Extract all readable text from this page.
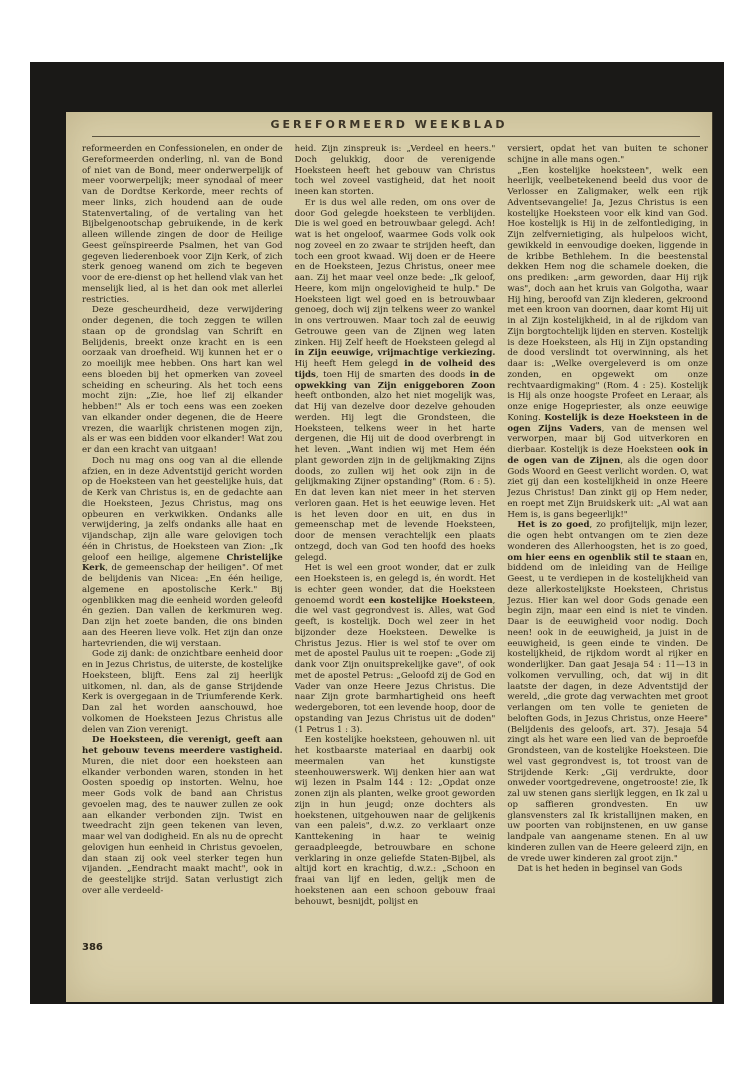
GEREFORMEERD WEEKBLAD

reformeerden en Confessionelen, en onder de Gereformeerden onderling, nl. van de Bond of niet van de Bond, meer onderwerpelijk of meer voorwerpelijk; meer synodaal of meer van de Dordtse Kerkorde, meer rechts of meer links, zich houdend aan de oude Statenvertaling, of de vertaling van het Bijbelgenootschap gebruikende, in de kerk alleen willende zingen de door de Heilige Geest geïnspireerde Psalmen, het van God gegeven liederenboek voor Zijn Kerk, of zich sterk genoeg wanend om zich te begeven voor de ere-dienst op het hellend vlak van het menselijk lied, al is het dan ook met allerlei restricties.

Deze gescheurdheid, deze verwijdering onder degenen, die toch zeggen te willen staan op de grondslag van Schrift en Belijdenis, breekt onze kracht en is een oorzaak van droefheid. Wij kunnen het er o zo moeilijk mee hebben. Ons hart kan wel eens bloeden bij het opmerken van zoveel scheiding en scheuring. Als het toch eens mocht zijn: „Zie, hoe lief zij elkander hebben!" Als er toch eens was een zoeken van elkander onder degenen, die de Heere vrezen, die waarlijk christenen mogen zijn, als er was een bidden voor elkander! Wat zou er dan een kracht van uitgaan!

Doch nu mag ons oog van al die ellende afzien, en in deze Adventstijd gericht worden op de Hoeksteen van het geestelijke huis, dat de Kerk van Christus is, en de gedachte aan die Hoeksteen, Jezus Christus, mag ons opbeuren en verkwikken. Ondanks alle verwijdering, ja zelfs ondanks alle haat en vijandschap, zijn alle ware gelovigen toch één in Christus, de Hoeksteen van Zion: „Ik geloof een heilige, algemene Christelijke Kerk, de gemeenschap der heiligen". Of met de belijdenis van Nicea: „En één heilige, algemene en apostolische Kerk." Bij ogenblikken mag die eenheid worden geleofd én gezien. Dan vallen de kerkmuren weg. Dan zijn het zoete banden, die ons binden aan des Heeren lieve volk. Het zijn dan onze hartevrienden, die wij verstaan.

Gode zij dank: de onzichtbare eenheid door en in Jezus Christus, de uiterste, de kostelijke Hoeksteen, blijft. Eens zal zij heerlijk uitkomen, nl. dan, als de ganse Strijdende Kerk is overgegaan in de Triumferende Kerk. Dan zal het worden aanschouwd, hoe volkomen de Hoeksteen Jezus Christus alle delen van Zion verenigt.

De Hoeksteen, die verenigt, geeft aan het gebouw tevens meerdere vastigheid. Muren, die niet door een hoeksteen aan elkander verbonden waren, stonden in het Oosten spoedig op instorten. Welnu, hoe meer Gods volk de band aan Christus gevoelen mag, des te nauwer zullen ze ook aan elkander verbonden zijn. Twist en tweedracht zijn geen tekenen van leven, maar wel van dodigheid. En als nu de oprecht gelovigen hun eenheid in Christus gevoelen, dan staan zij ook veel sterker tegen hun vijanden. „Eendracht maakt macht", ook in de geestelijke strijd. Satan verlustigt zich over alle verdeeld-

heid. Zijn zinspreuk is: „Verdeel en heers." Doch gelukkig, door de verenigende Hoeksteen heeft het gebouw van Christus toch wel zoveel vastigheid, dat het nooit ineen kan storten.

Er is dus wel alle reden, om ons over de door God gelegde hoeksteen te verblijden. Die is wel goed en betrouwbaar gelegd. Ach! wat is het ongeloof, waarmee Gods volk ook nog zoveel en zo zwaar te strijden heeft, dan toch een groot kwaad. Wij doen er de Heere en de Hoeksteen, Jezus Christus, oneer mee aan. Zij het maar veel onze bede: „Ik geloof, Heere, kom mijn ongelovigheid te hulp." De Hoeksteen ligt wel goed en is betrouwbaar genoeg, doch wij zijn telkens weer zo wankel in ons vertrouwen. Maar toch zal de eeuwig Getrouwe geen van de Zijnen weg laten zinken. Hij Zelf heeft de Hoeksteen gelegd al in Zijn eeuwige, vrijmachtige verkiezing. Hij heeft Hem gelegd in de volheid des tijds, toen Hij de smarten des doods in de opwekking van Zijn eniggeboren Zoon heeft ontbonden, alzo het niet mogelijk was, dat Hij van dezelve door dezelve gehouden werden. Hij legt die Grondsteen, die Hoeksteen, telkens weer in het harte dergenen, die Hij uit de dood overbrengt in het leven. „Want indien wij met Hem één plant geworden zijn in de gelijkmaking Zijns doods, zo zullen wij het ook zijn in de gelijkmaking Zijner opstanding" (Rom. 6 : 5). En dat leven kan niet meer in het sterven verloren gaan. Het is het eeuwige leven. Het is het leven door en uit, en dus in gemeenschap met de levende Hoeksteen, door de mensen verachtelijk een plaats ontzegd, doch van God ten hoofd des hoeks gelegd.

Het is wel een groot wonder, dat er zulk een Hoeksteen is, en gelegd is, én wordt. Het is echter geen wonder, dat die Hoeksteen genoemd wordt een kostelijke Hoeksteen, die wel vast gegrondvest is. Alles, wat God geeft, is kostelijk. Doch wel zeer in het bijzonder deze Hoeksteen. Dewelke is Christus Jezus. Hier is wel stof te over om met de apostel Paulus uit te roepen: „Gode zij dank voor Zijn onuitsprekelijke gave", of ook met de apostel Petrus: „Geloofd zij de God en Vader van onze Heere Jezus Christus. Die naar Zijn grote barmhartigheid ons heeft wedergeboren, tot een levende hoop, door de opstanding van Jezus Christus uit de doden" (1 Petrus 1 : 3).

Een kostelijke hoeksteen, gehouwen nl. uit het kostbaarste materiaal en daarbij ook meermalen van het kunstigste steenhouwerswerk. Wij denken hier aan wat wij lezen in Psalm 144 : 12: „Opdat onze zonen zijn als planten, welke groot geworden zijn in hun jeugd; onze dochters als hoekstenen, uitgehouwen naar de gelijkenis van een paleis", d.w.z. zo verklaart onze Kanttekening in haar te weinig geraadpleegde, betrouwbare en schone verklaring in onze geliefde Staten-Bijbel, als altijd kort en krachtig, d.w.z.: „Schoon en fraai van lijf en leden, gelijk men de hoekstenen aan een schoon gebouw fraai behouwt, besnijdt, polijst en

versiert, opdat het van buiten te schoner schijne in alle mans ogen."

„Een kostelijke hoeksteen", welk een heerlijk, veelbetekenend beeld dus voor de Verlosser en Zaligmaker, welk een rijk Adventsevangelie! Ja, Jezus Christus is een kostelijke Hoeksteen voor elk kind van God. Hoe kostelijk is Hij in de zelfontlediging, in Zijn zelfvernietiging, als hulpeloos wicht, gewikkeld in eenvoudige doeken, liggende in de kribbe Bethlehem. In die beestenstal dekken Hem nog die schamele doeken, die ons prediken: „arm geworden, daar Hij rijk was", doch aan het kruis van Golgotha, waar Hij hing, beroofd van Zijn klederen, gekroond met een kroon van doornen, daar komt Hij uit in al Zijn kostelijkheid, in al de rijkdom van Zijn borgtochtelijk lijden en sterven. Kostelijk is deze Hoeksteen, als Hij in Zijn opstanding de dood verslindt tot overwinning, als het daar is: „Welke overgeleverd is om onze zonden, en opgewekt om onze rechtvaardigmaking" (Rom. 4 : 25). Kostelijk is Hij als onze hoogste Profeet en Leraar, als onze enige Hogepriester, als onze eeuwige Koning. Kostelijk is deze Hoeksteen in de ogen Zijns Vaders, van de mensen wel verworpen, maar bij God uitverkoren en dierbaar. Kostelijk is deze Hoeksteen ook in de ogen van de Zijnen, als die ogen door Gods Woord en Geest verlicht worden. O, wat ziet gij dan een kostelijkheid in onze Heere Jezus Christus! Dan zinkt gij op Hem neder, en roept met Zijn Bruidskerk uit: „Al wat aan Hem is, is gans begeerlijk!"

Het is zo goed, zo profijtelijk, mijn lezer, die ogen hebt ontvangen om te zien deze wonderen des Allerhoogsten, het is zo goed, om hier eens en ogenblik stil te staan en, biddend om de inleiding van de Heilige Geest, u te verdiepen in de kostelijkheid van deze allerkostelijkste Hoeksteen, Christus Jezus. Hier kan wel door Gods genade een begin zijn, maar een eind is niet te vinden. Daar is de eeuwigheid voor nodig. Doch neen! ook in de eeuwigheid, ja juist in de eeuwigheid, is geen einde te vinden. De kostelijkheid, de rijkdom wordt al rijker en wonderlijker. Dan gaat Jesaja 54 : 11—13 in volkomen vervulling, och, dat wij in dit laatste der dagen, in deze Adventstijd der wereld, „die grote dag verwachten met groot verlangen om ten volle te genieten de beloften Gods, in Jezus Christus, onze Heere" (Belijdenis des geloofs, art. 37). Jesaja 54 zingt als het ware een lied van de beproefde Grondsteen, van de kostelijke Hoeksteen. Die wel vast gegrondvest is, tot troost van de Strijdende Kerk: „Gij verdrukte, door onweder voortgedrevene, ongetrooste! zie, Ik zal uw stenen gans sierlijk leggen, en Ik zal u op saffieren grondvesten. En uw glansvensters zal Ik kristallijnen maken, en uw poorten van robijnstenen, en uw ganse landpale van aangename stenen. En al uw kinderen zullen van de Heere geleerd zijn, en de vrede uwer kinderen zal groot zijn."

Dat is het heden in beginsel van Gods

386
